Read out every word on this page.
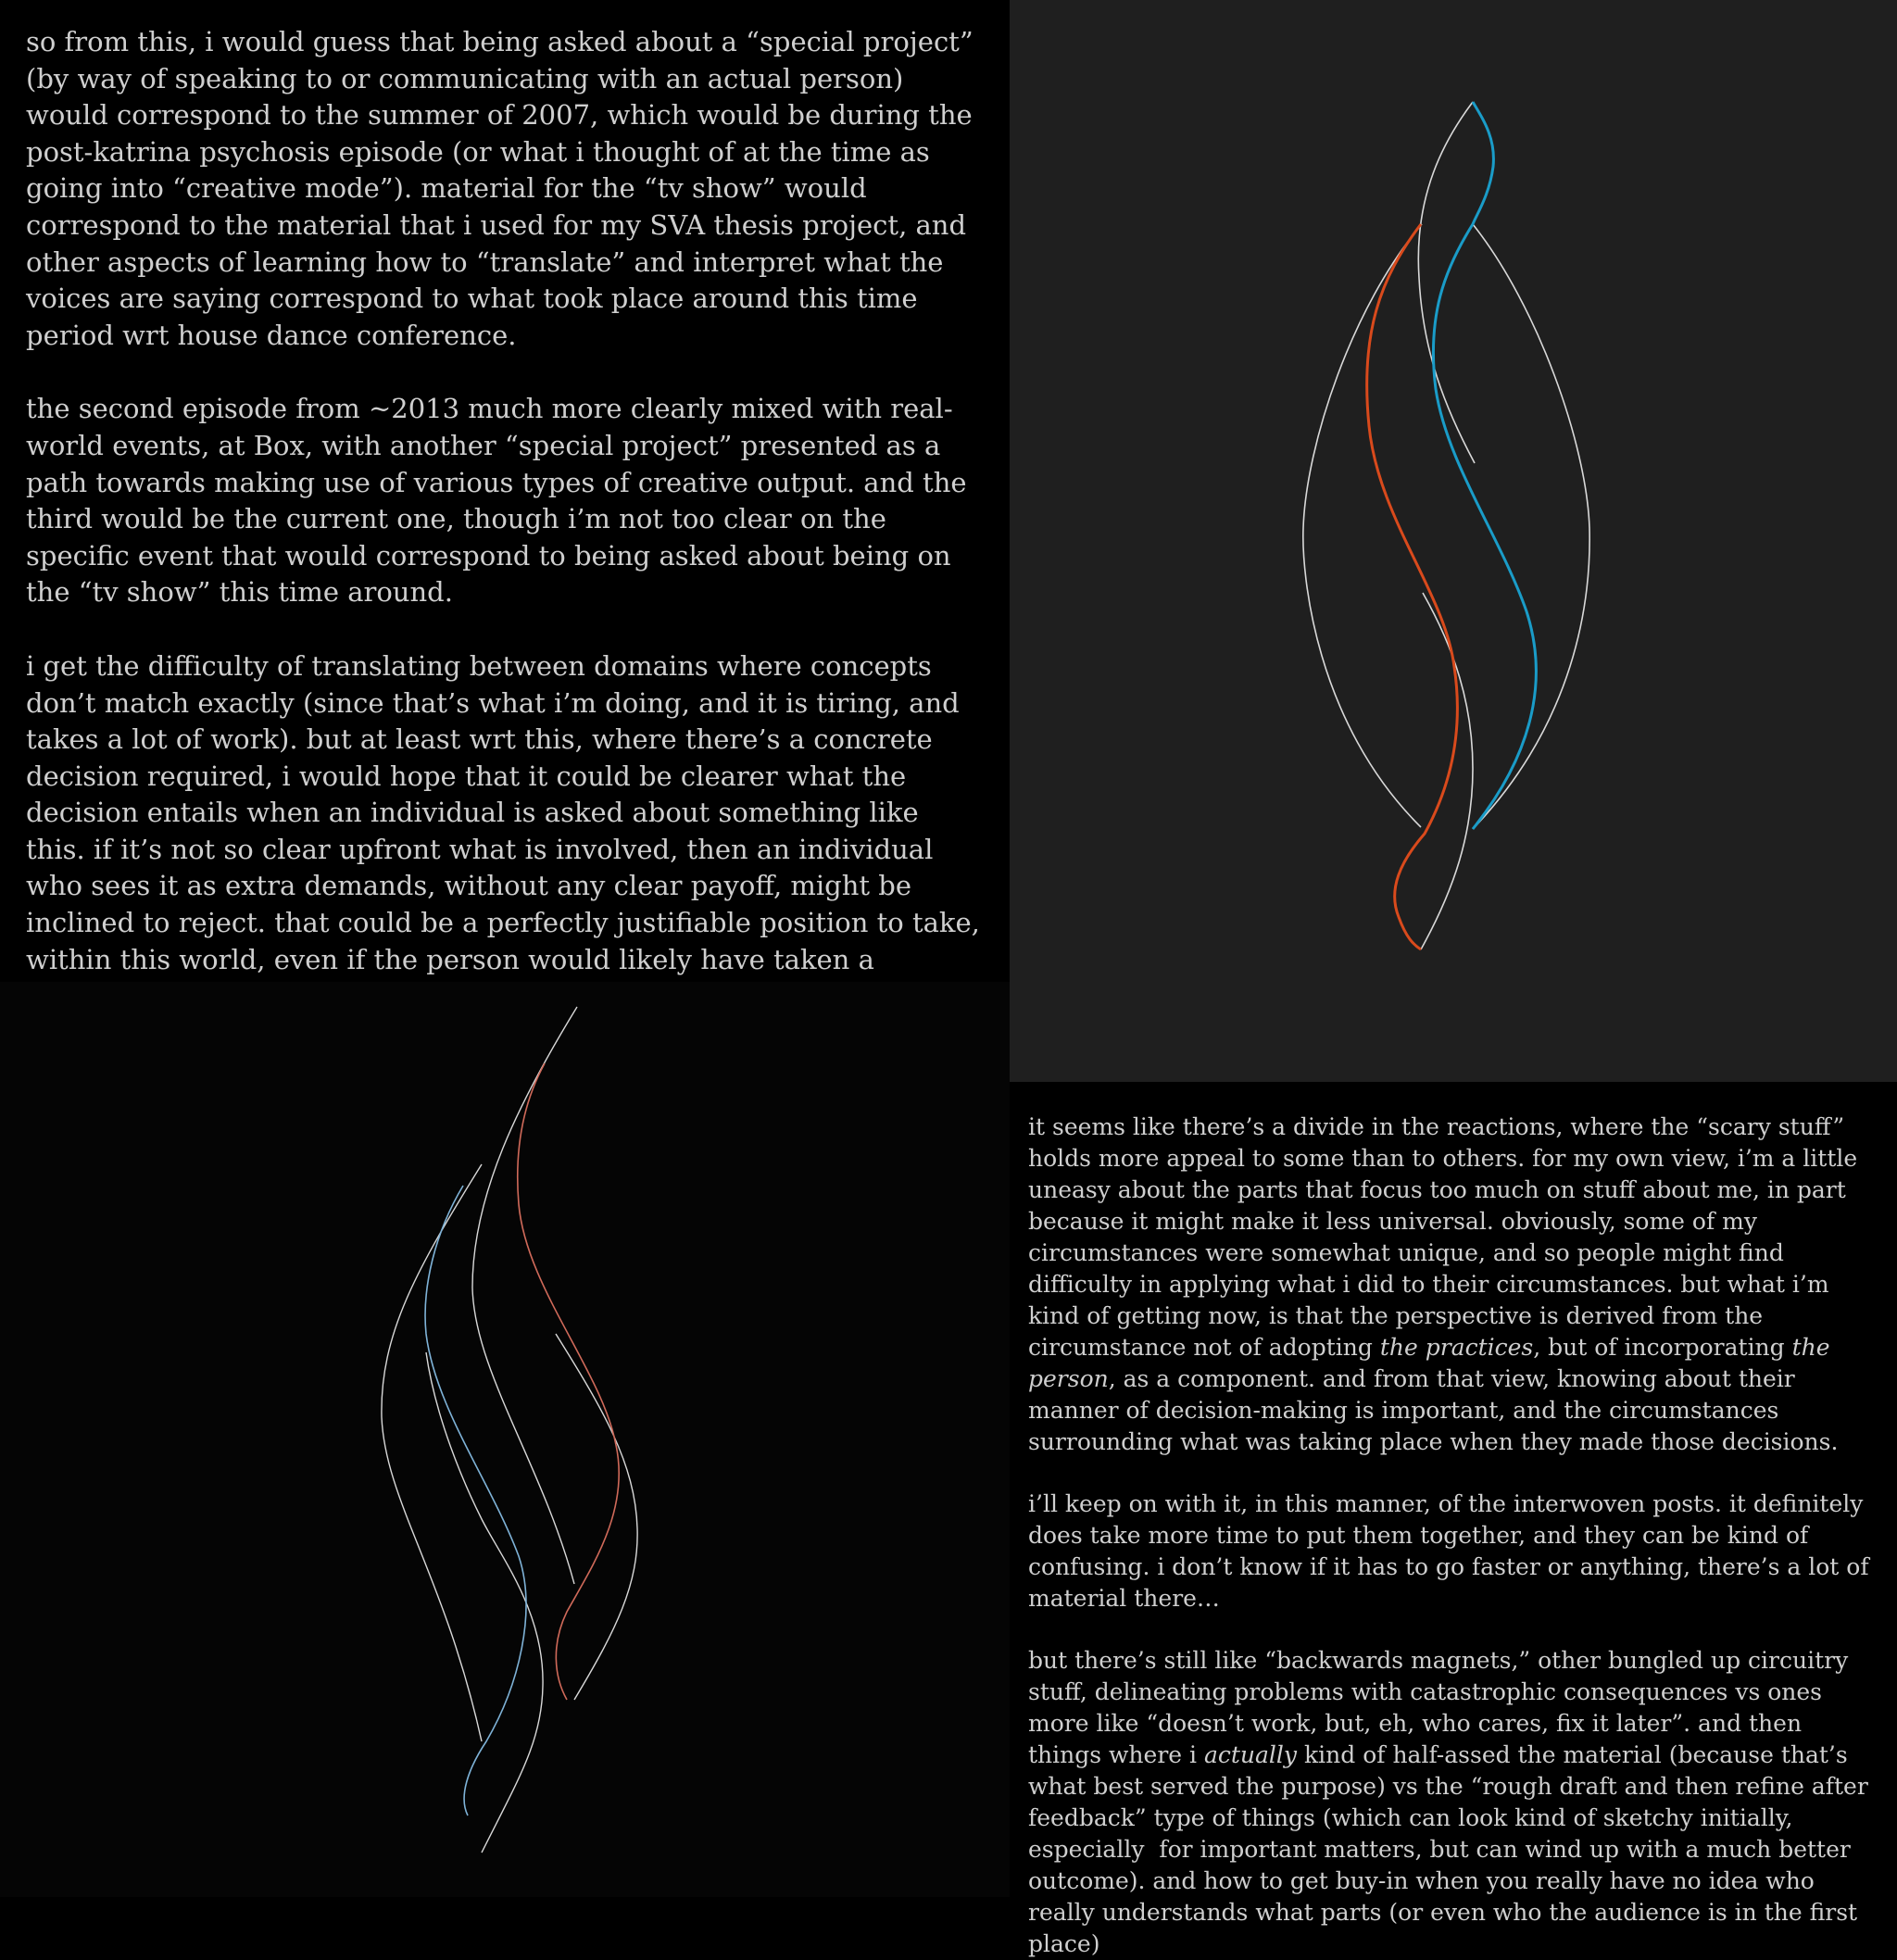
so from this, i would guess that being asked about a “special project” (by way of speaking to or communicating with an actual person) would correspond to the summer of 2007, which would be during the post-katrina psychosis episode (or what i thought of at the time as going into “creative mode”). material for the “tv show” would correspond to the material that i used for my SVA thesis project, and other aspects of learning how to “translate” and interpret what the voices are saying correspond to what took place around this time period wrt house dance conference.

the second episode from ~2013 much more clearly mixed with real-world events, at Box, with another “special project” presented as a path towards making use of various types of creative output. and the third would be the current one, though i’m not too clear on the specific event that would correspond to being asked about being on the “tv show” this time around.

i get the difficulty of translating between domains where concepts don’t match exactly (since that’s what i’m doing, and it is tiring, and takes a lot of work). but at least wrt this, where there’s a concrete decision required, i would hope that it could be clearer what the decision entails when an individual is asked about something like this. if it’s not so clear upfront what is involved, then an individual who sees it as extra demands, without any clear payoff, might be inclined to reject. that could be a perfectly justifiable position to take, within this world, even if the person would likely have taken a

it seems like there’s a divide in the reactions, where the “scary stuff” holds more appeal to some than to others. for my own view, i’m a little uneasy about the parts that focus too much on stuff about me, in part because it might make it less universal. obviously, some of my circumstances were somewhat unique, and so people might find difficulty in applying what i did to their circumstances. but what i’m kind of getting now, is that the perspective is derived from the circumstance not of adopting the practices, but of incorporating the person, as a component. and from that view, knowing about their manner of decision-making is important, and the circumstances surrounding what was taking place when they made those decisions.

i’ll keep on with it, in this manner, of the interwoven posts. it definitely does take more time to put them together, and they can be kind of confusing. i don’t know if it has to go faster or anything, there’s a lot of material there…

but there’s still like “backwards magnets,” other bungled up circuitry stuff, delineating problems with catastrophic consequences vs ones more like “doesn’t work, but, eh, who cares, fix it later”. and then things where i actually kind of half-assed the material (because that’s what best served the purpose) vs the “rough draft and then refine after feedback” type of things (which can look kind of sketchy initially, especially  for important matters, but can wind up with a much better outcome). and how to get buy-in when you really have no idea who really understands what parts (or even who the audience is in the first place)
